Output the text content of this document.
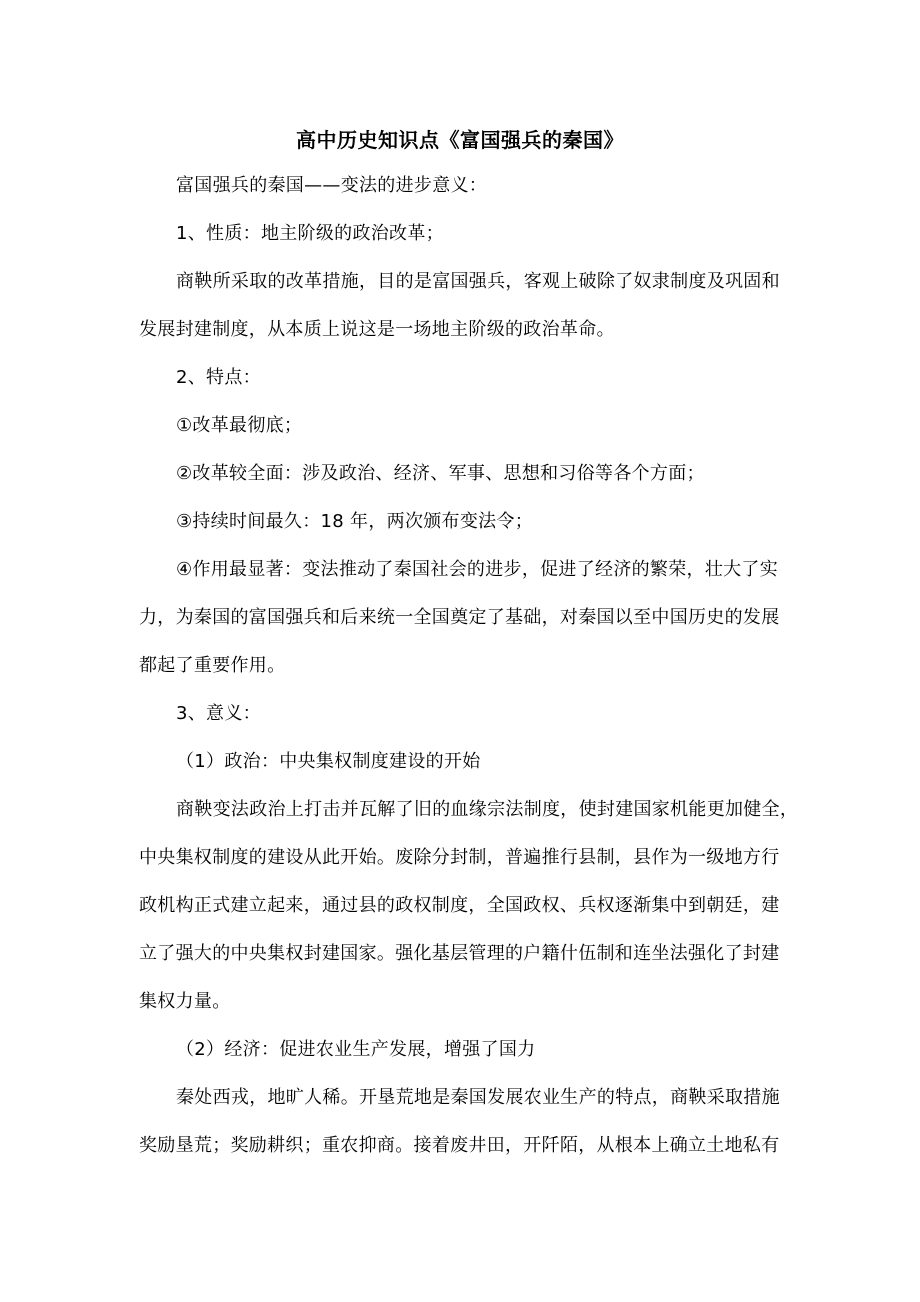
高中历史知识点《富国强兵的秦国》
富国强兵的秦国——变法的进步意义：
1、性质：地主阶级的政治改革；
商鞅所采取的改革措施，目的是富国强兵，客观上破除了奴隶制度及巩固和
发展封建制度，从本质上说这是一场地主阶级的政治革命。
2、特点：
①改革最彻底；
②改革较全面：涉及政治、经济、军事、思想和习俗等各个方面；
③持续时间最久：18 年，两次颁布变法令；
④作用最显著：变法推动了秦国社会的进步，促进了经济的繁荣，壮大了实
力，为秦国的富国强兵和后来统一全国奠定了基础，对秦国以至中国历史的发展
都起了重要作用。
3、意义：
（1）政治：中央集权制度建设的开始
商鞅变法政治上打击并瓦解了旧的血缘宗法制度，使封建国家机能更加健全，
中央集权制度的建设从此开始。废除分封制，普遍推行县制，县作为一级地方行
政机构正式建立起来，通过县的政权制度，全国政权、兵权逐渐集中到朝廷，建
立了强大的中央集权封建国家。强化基层管理的户籍什伍制和连坐法强化了封建
集权力量。
（2）经济：促进农业生产发展，增强了国力
秦处西戎，地旷人稀。开垦荒地是秦国发展农业生产的特点，商鞅采取措施
奖励垦荒；奖励耕织；重农抑商。接着废井田，开阡陌，从根本上确立土地私有
